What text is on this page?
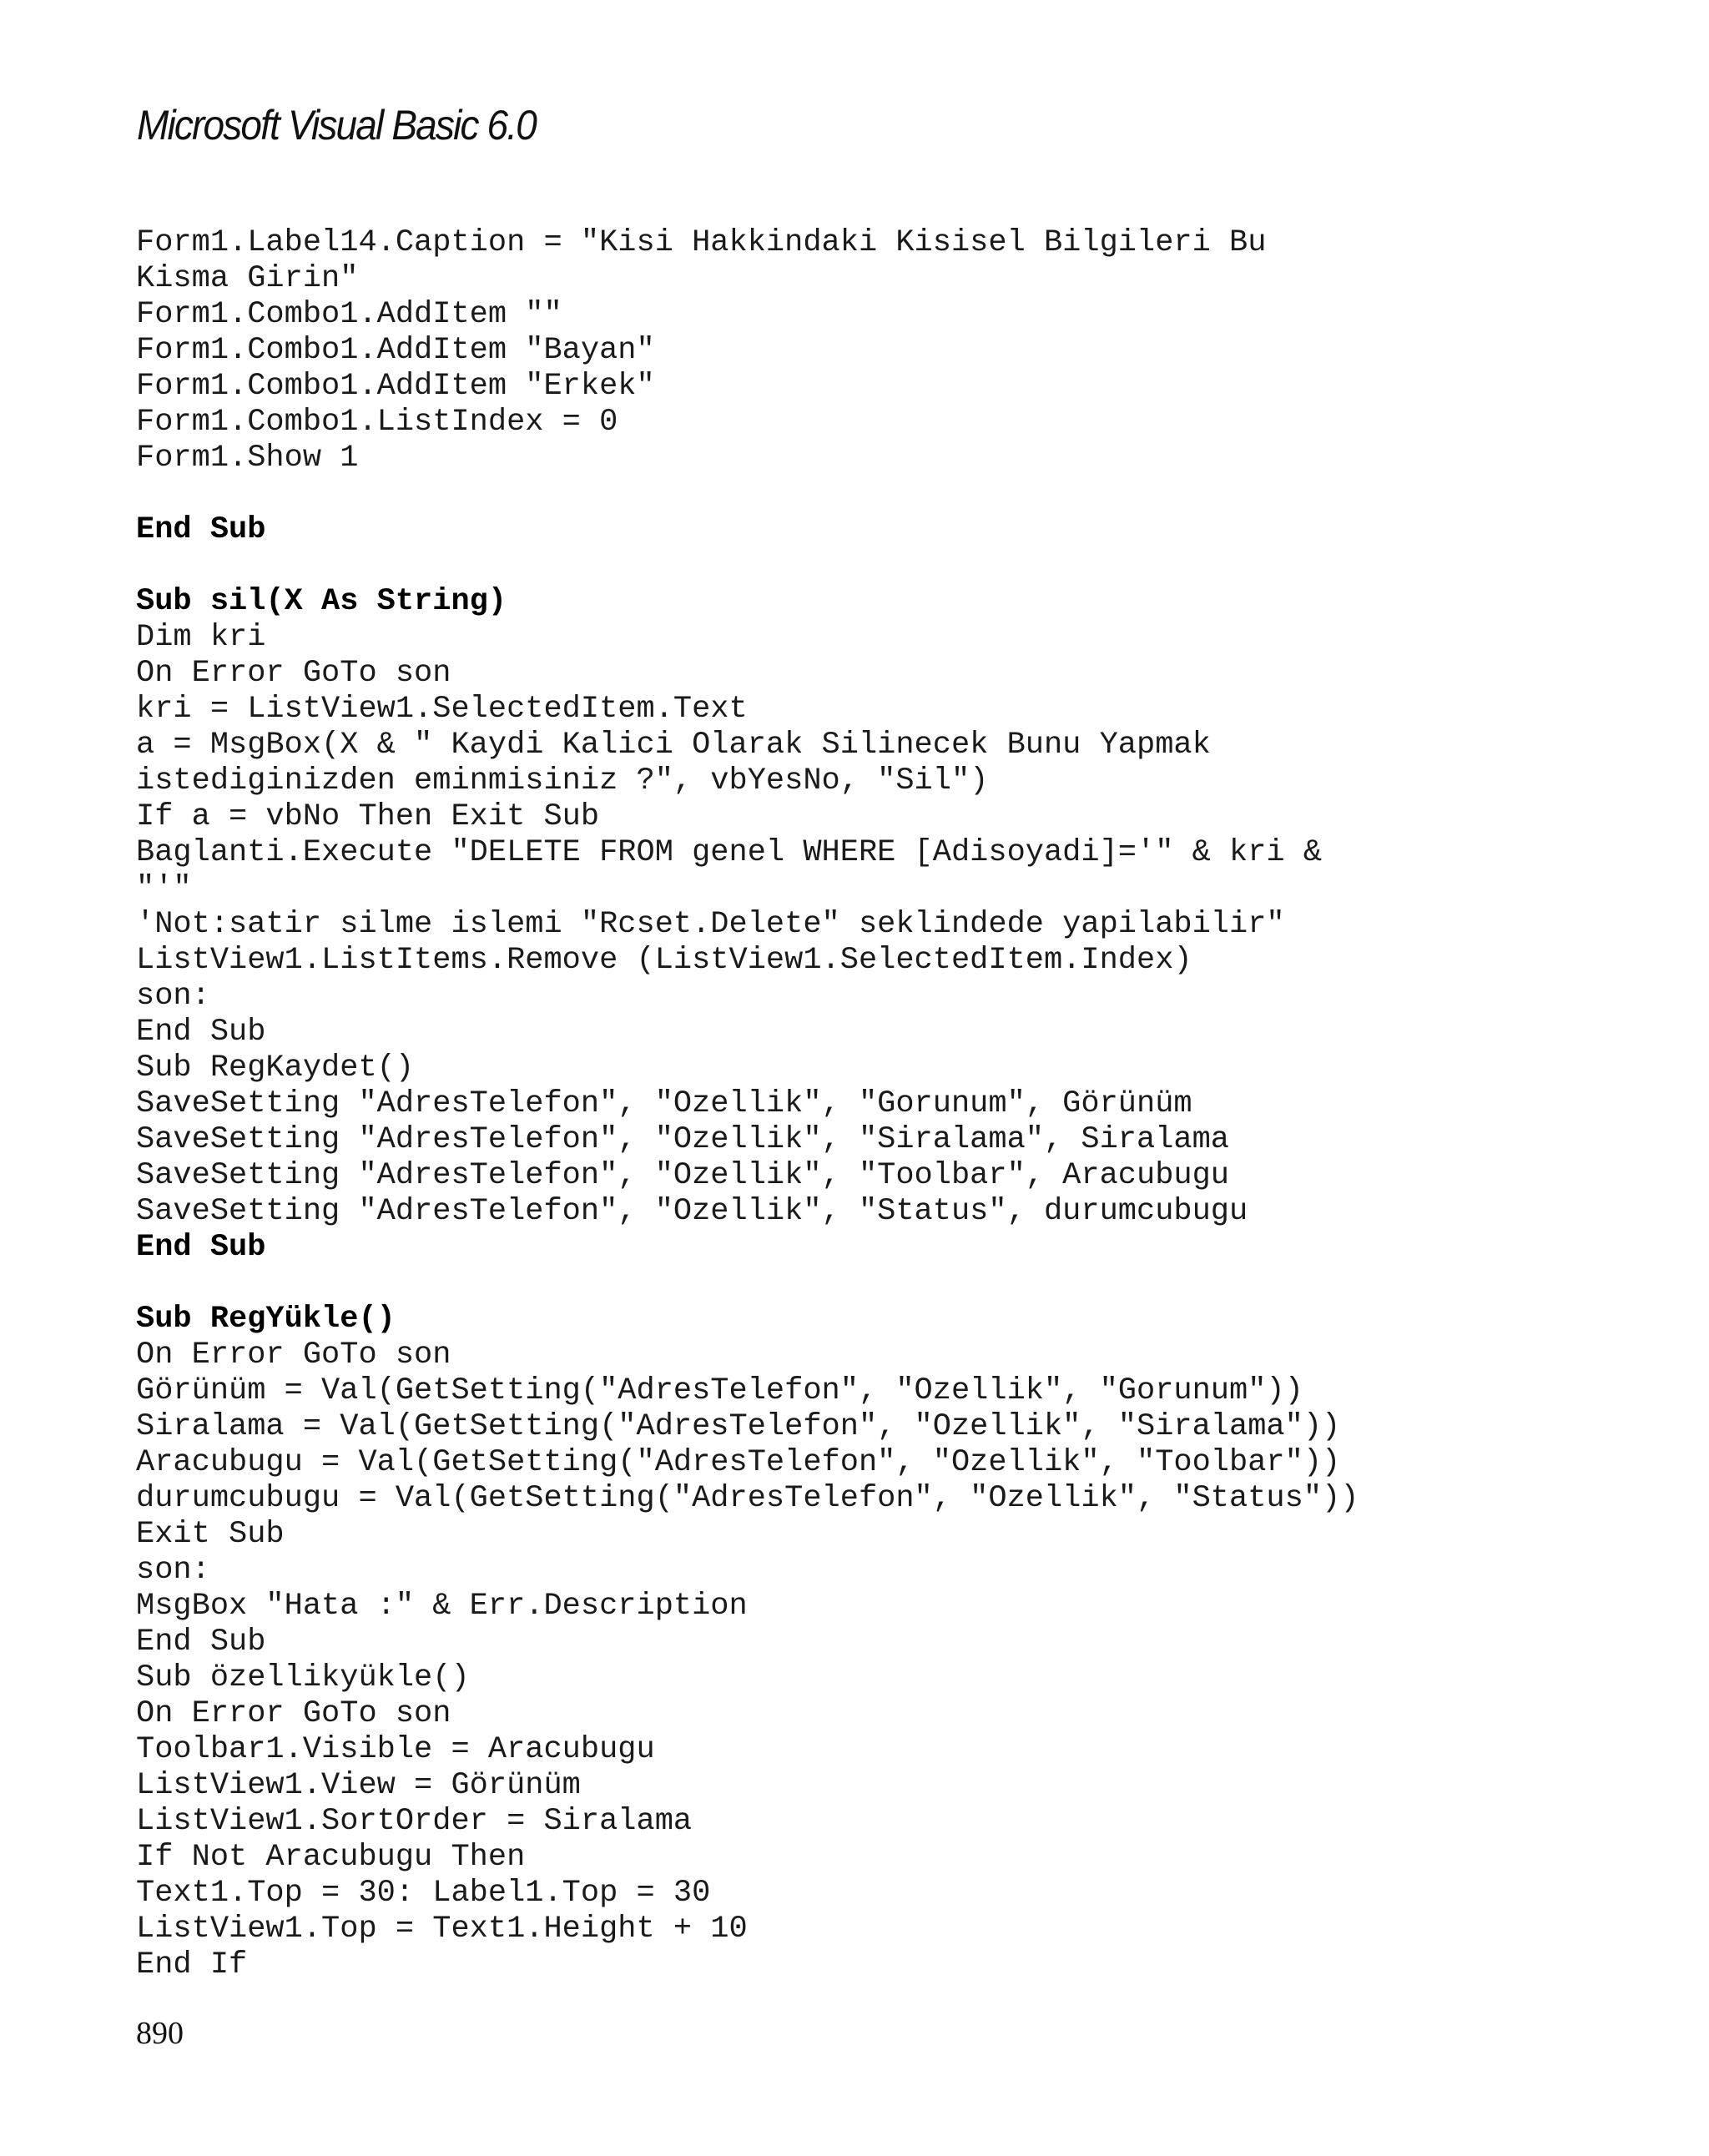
Microsoft Visual Basic 6.0
Form1.Label14.Caption = "Kisi Hakkindaki Kisisel Bilgileri Bu
Kisma Girin"
Form1.Combo1.AddItem ""
Form1.Combo1.AddItem "Bayan"
Form1.Combo1.AddItem "Erkek"
Form1.Combo1.ListIndex = 0
Form1.Show 1
End Sub
Sub sil(X As String)
Dim kri
On Error GoTo son
kri = ListView1.SelectedItem.Text
a = MsgBox(X & " Kaydi Kalici Olarak Silinecek Bunu Yapmak
istediginizden eminmisiniz ?", vbYesNo, "Sil")
If a = vbNo Then Exit Sub
Baglanti.Execute "DELETE FROM genel WHERE [Adisoyadi]='" & kri &
"'"
'Not:satir silme islemi "Rcset.Delete" seklindede yapilabilir"
ListView1.ListItems.Remove (ListView1.SelectedItem.Index)
son:
End Sub
Sub RegKaydet()
SaveSetting "AdresTelefon", "Ozellik", "Gorunum", Görünüm
SaveSetting "AdresTelefon", "Ozellik", "Siralama", Siralama
SaveSetting "AdresTelefon", "Ozellik", "Toolbar", Aracubugu
SaveSetting "AdresTelefon", "Ozellik", "Status", durumcubugu
End Sub
Sub RegYükle()
On Error GoTo son
Görünüm = Val(GetSetting("AdresTelefon", "Ozellik", "Gorunum"))
Siralama = Val(GetSetting("AdresTelefon", "Ozellik", "Siralama"))
Aracubugu = Val(GetSetting("AdresTelefon", "Ozellik", "Toolbar"))
durumcubugu = Val(GetSetting("AdresTelefon", "Ozellik", "Status"))
Exit Sub
son:
MsgBox "Hata :" & Err.Description
End Sub
Sub özellikyükle()
On Error GoTo son
Toolbar1.Visible = Aracubugu
ListView1.View = Görünüm
ListView1.SortOrder = Siralama
If Not Aracubugu Then
Text1.Top = 30: Label1.Top = 30
ListView1.Top = Text1.Height + 10
End If
890
